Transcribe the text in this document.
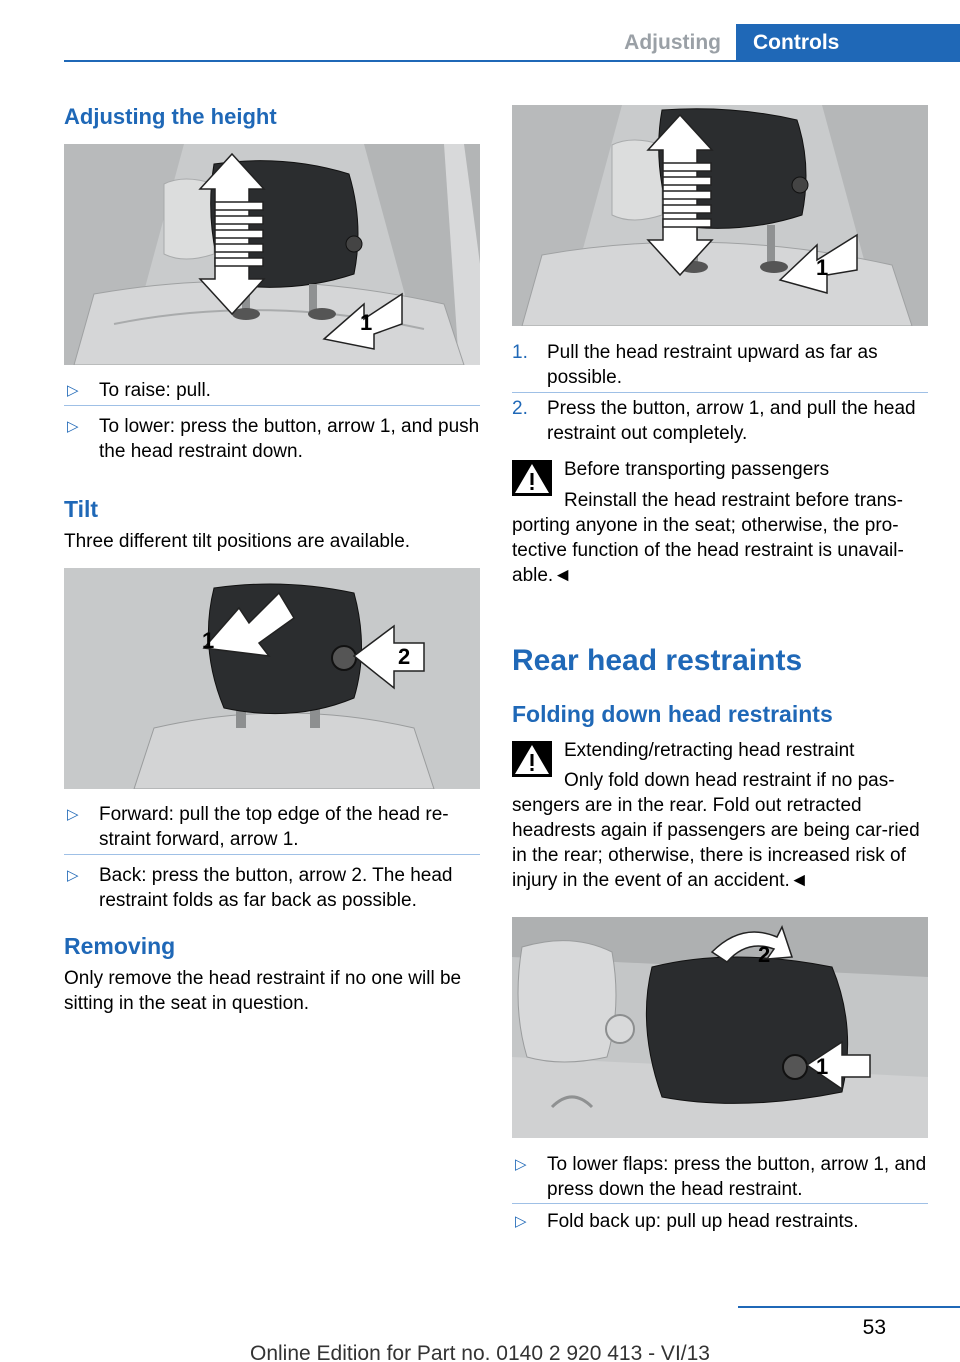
Adjusting	Controls
Adjusting the height
1
▷ To raise: pull.
▷ To lower: press the button, arrow 1, and push the head restraint down.
Tilt
Three different tilt positions are available.
1
2
▷ Forward: pull the top edge of the head re‐straint forward, arrow 1.
▷ Back: press the button, arrow 2. The head restraint folds as far back as possible.
Removing
Only remove the head restraint if no one will be sitting in the seat in question.
1
1. Pull the head restraint upward as far as possible.
2. Press the button, arrow 1, and pull the head restraint out completely.
Before transporting passengers
Reinstall the head restraint before trans‐porting anyone in the seat; otherwise, the pro‐tective function of the head restraint is unavail‐able.◄
Rear head restraints
Folding down head restraints
Extending/retracting head restraint
Only fold down head restraint if no pas‐sengers are in the rear. Fold out retracted headrests again if passengers are being car‐ried in the rear; otherwise, there is increased risk of injury in the event of an accident.◄
2
1
▷ To lower flaps: press the button, arrow 1, and press down the head restraint.
▷ Fold back up: pull up head restraints.
53
Online Edition for Part no. 0140 2 920 413 - VI/13
